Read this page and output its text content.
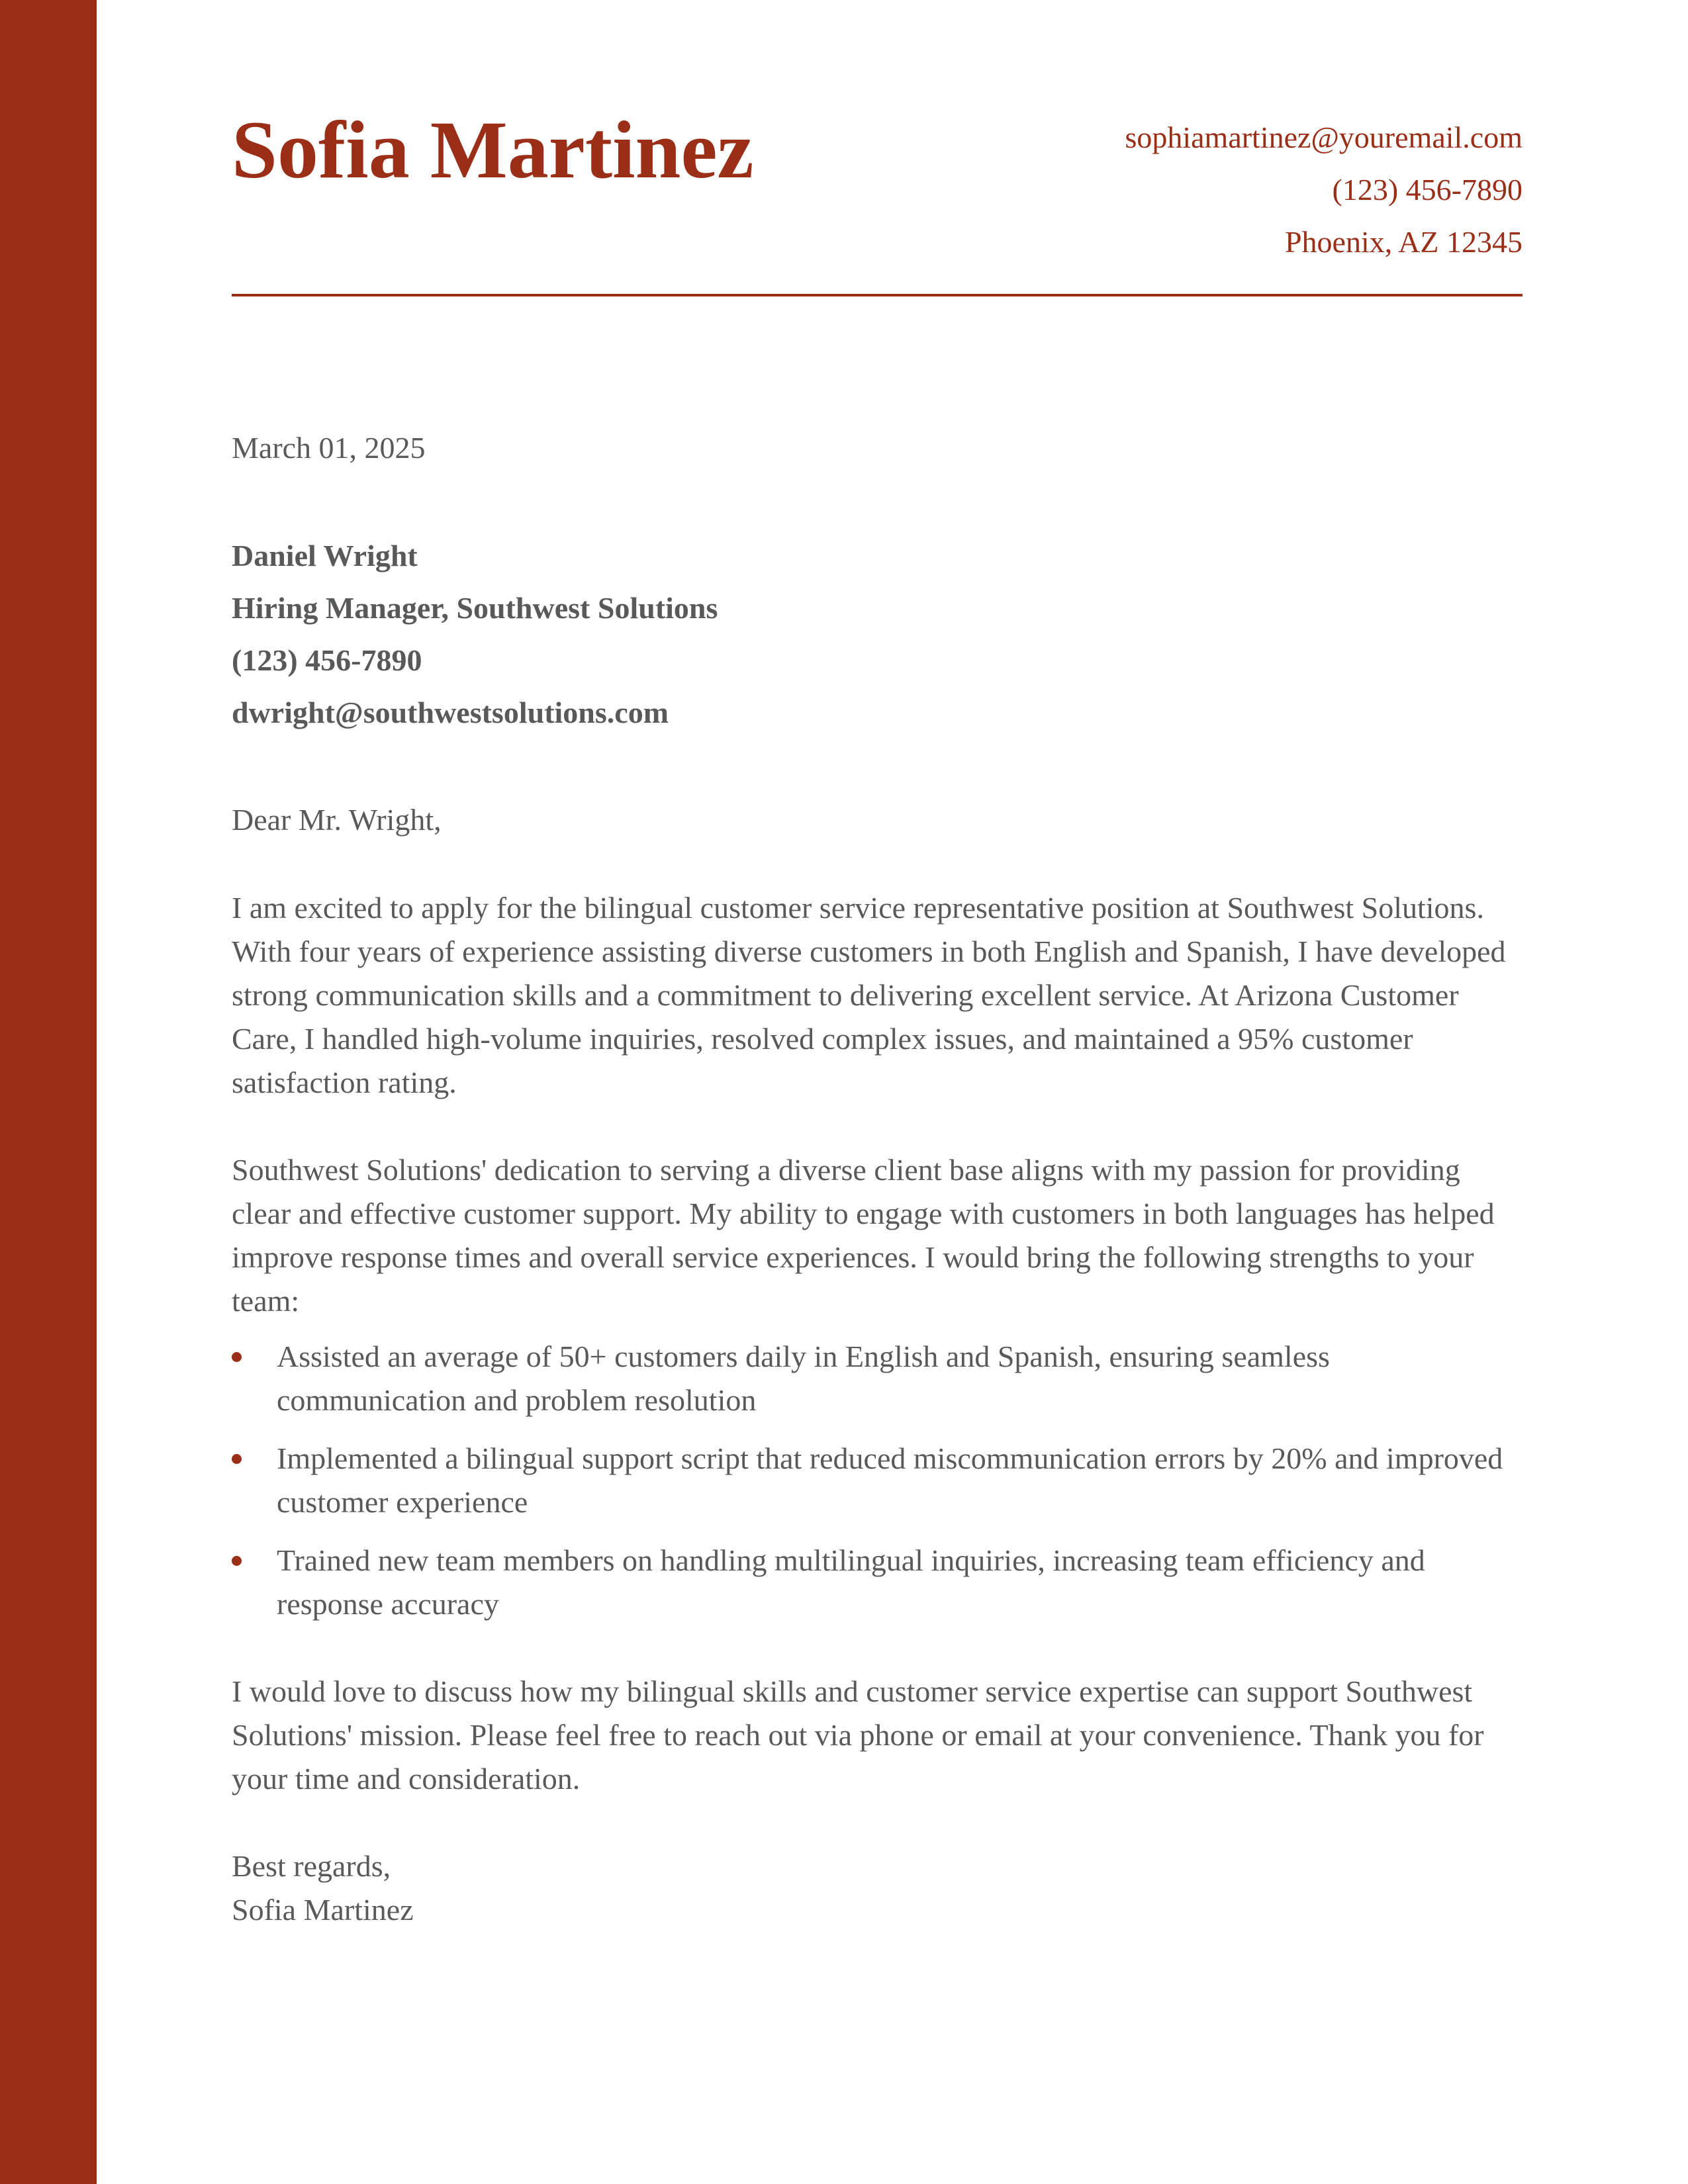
Sofia Martinez	sophiamartinez@youremail.com
(123) 456-7890
Phoenix, AZ 12345
March 01, 2025
Daniel Wright
Hiring Manager, Southwest Solutions
(123) 456-7890
dwright@southwestsolutions.com
Dear Mr. Wright,

I am excited to apply for the bilingual customer service representative position at Southwest Solutions. With four years of experience assisting diverse customers in both English and Spanish, I have developed strong communication skills and a commitment to delivering excellent service. At Arizona Customer Care, I handled high-volume inquiries, resolved complex issues, and maintained a 95% customer satisfaction rating.

Southwest Solutions' dedication to serving a diverse client base aligns with my passion for providing clear and effective customer support. My ability to engage with customers in both languages has helped improve response times and overall service experiences. I would bring the following strengths to your team:

Assisted an average of 50+ customers daily in English and Spanish, ensuring seamless communication and problem resolution
Implemented a bilingual support script that reduced miscommunication errors by 20% and improved customer experience
Trained new team members on handling multilingual inquiries, increasing team efficiency and response accuracy

I would love to discuss how my bilingual skills and customer service expertise can support Southwest Solutions' mission. Please feel free to reach out via phone or email at your convenience. Thank you for your time and consideration.

Best regards,
Sofia Martinez
